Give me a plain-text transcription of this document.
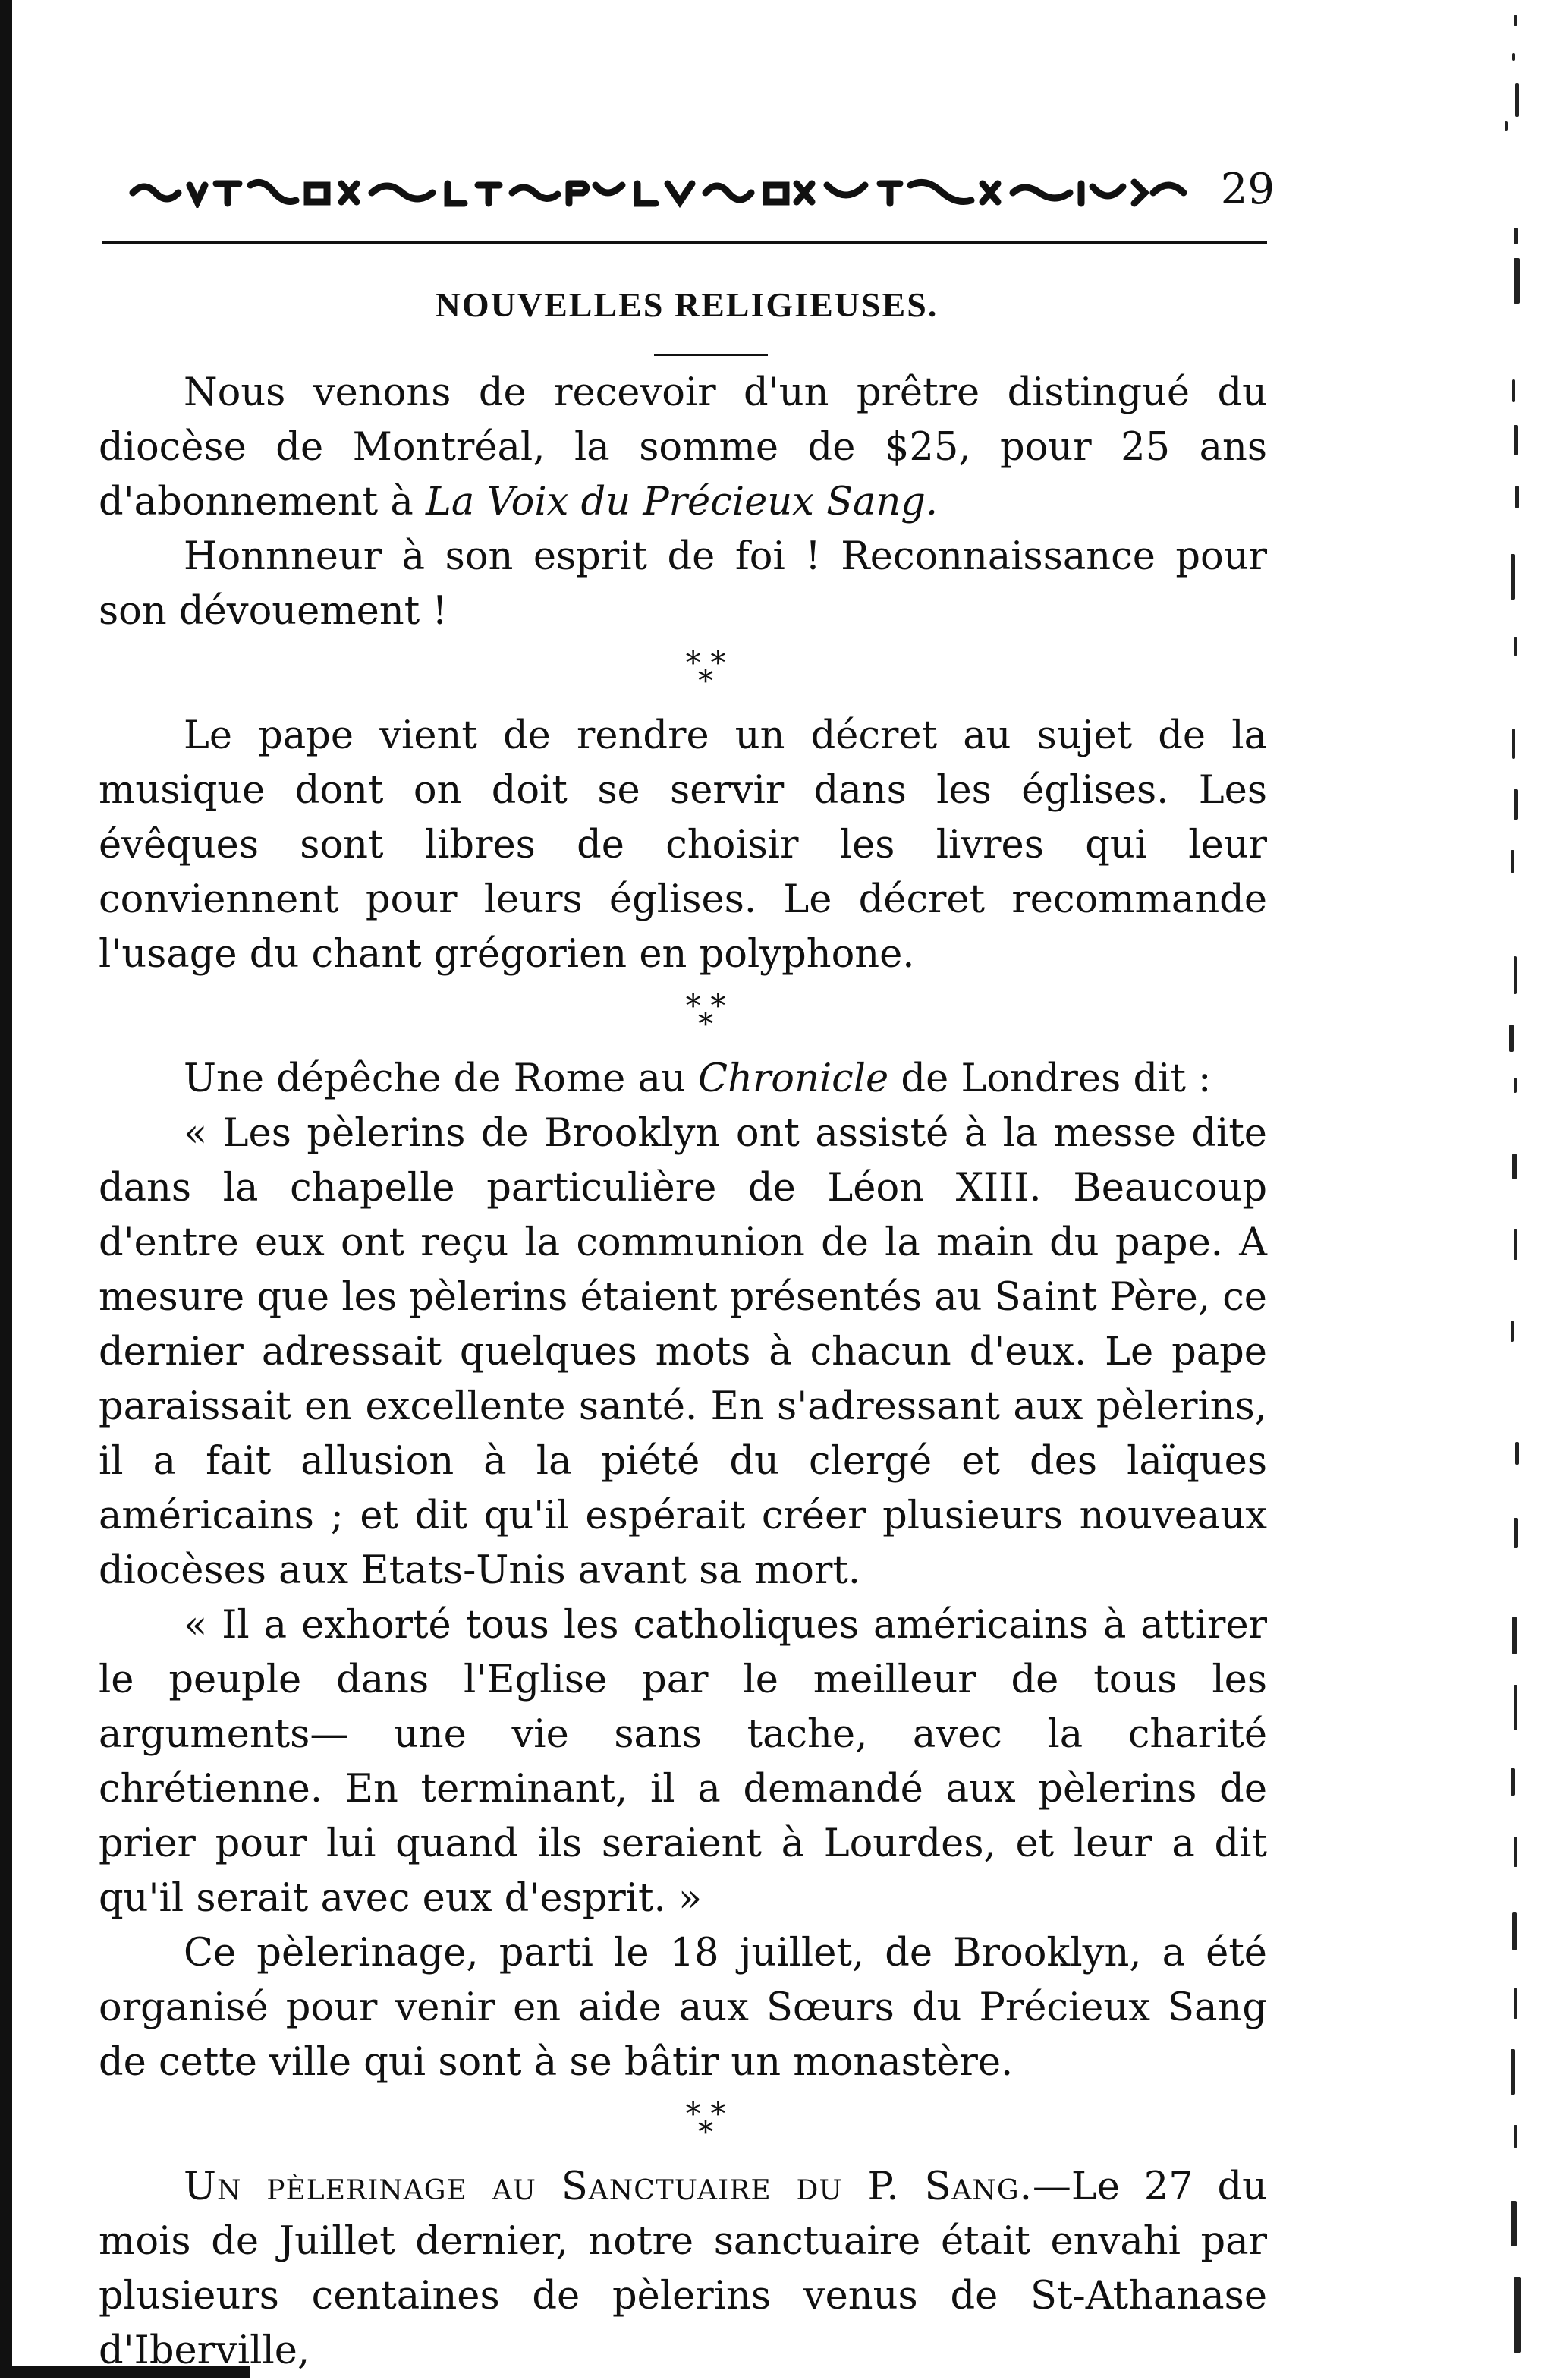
29
NOUVELLES RELIGIEUSES.

Nous venons de recevoir d'un prêtre distingué du diocèse de Montréal, la somme de $25, pour 25 ans d'abonnement à La Voix du Précieux Sang.

Honnneur à son esprit de foi ! Reconnaissance pour son dévouement !

* *
*

Le pape vient de rendre un décret au sujet de la musique dont on doit se servir dans les églises. Les évêques sont libres de choisir les livres qui leur conviennent pour leurs églises. Le décret recommande l'usage du chant grégorien en polyphone.

* *
*

Une dépêche de Rome au Chronicle de Londres dit :

« Les pèlerins de Brooklyn ont assisté à la messe dite dans la chapelle particulière de Léon XIII. Beaucoup d'entre eux ont reçu la communion de la main du pape. A mesure que les pèlerins étaient présentés au Saint Père, ce dernier adressait quelques mots à chacun d'eux. Le pape paraissait en excellente santé. En s'adressant aux pèlerins, il a fait allusion à la piété du clergé et des laïques américains ; et dit qu'il espérait créer plusieurs nouveaux diocèses aux Etats-Unis avant sa mort.

« Il a exhorté tous les catholiques américains à attirer le peuple dans l'Eglise par le meilleur de tous les arguments— une vie sans tache, avec la charité chrétienne. En terminant, il a demandé aux pèlerins de prier pour lui quand ils seraient à Lourdes, et leur a dit qu'il serait avec eux d'esprit. »

Ce pèlerinage, parti le 18 juillet, de Brooklyn, a été organisé pour venir en aide aux Sœurs du Précieux Sang de cette ville qui sont à se bâtir un monastère.

* *
*

Un pèlerinage au Sanctuaire du P. Sang.—Le 27 du mois de Juillet dernier, notre sanctuaire était envahi par plusieurs centaines de pèlerins venus de St-Athanase d'Iberville,
